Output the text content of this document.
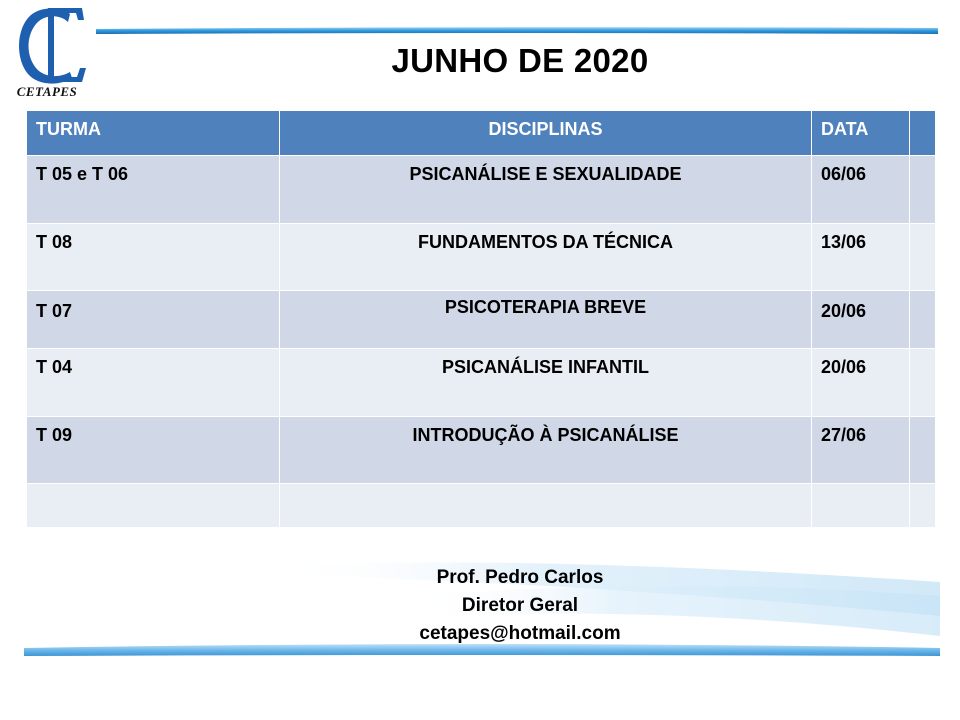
CETAPES
JUNHO DE 2020
TURMA	DISCIPLINAS	DATA	
T 05 e T 06	PSICANÁLISE E SEXUALIDADE	06/06	
T 08	FUNDAMENTOS DA TÉCNICA	13/06	
T 07	PSICOTERAPIA BREVE	20/06	
T 04	PSICANÁLISE INFANTIL	20/06	
T 09	INTRODUÇÃO À PSICANÁLISE	27/06	

Prof. Pedro Carlos
Diretor Geral
cetapes@hotmail.com
